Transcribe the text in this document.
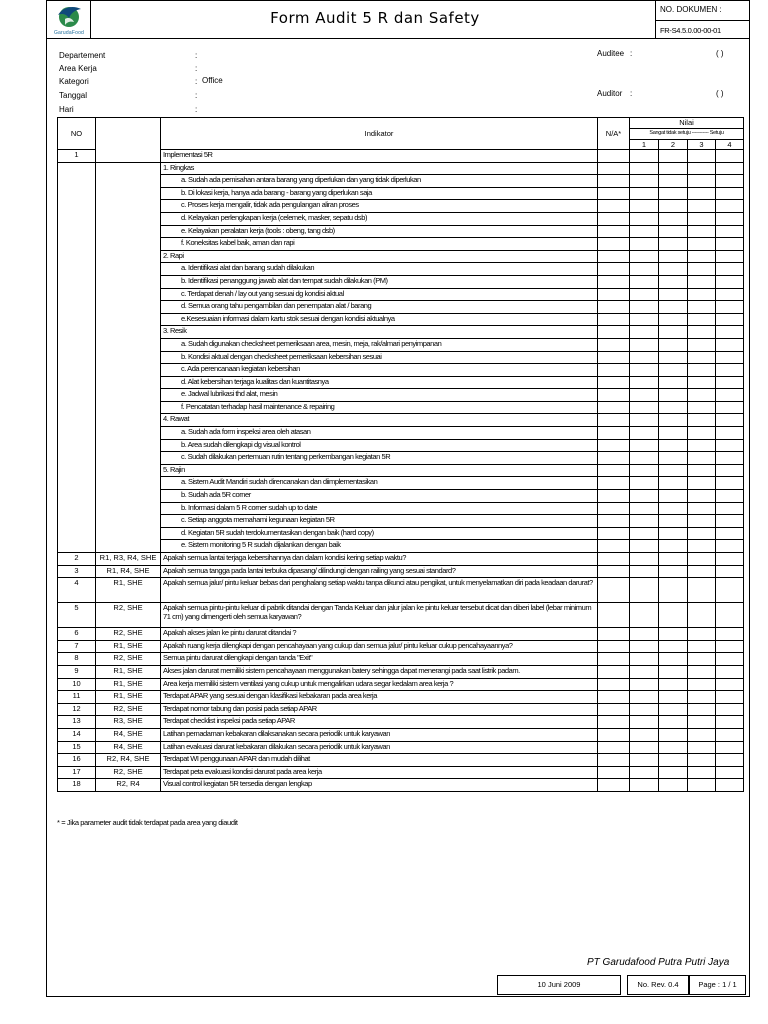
GarudaFood
Form Audit 5 R dan Safety	NO. DOKUMEN :
FR-S4.5.0.00-00-01
Departement	:
Area Kerja	:
Kategori	: Office
Tanggal	:
Hari	:
Auditee :	( )
Auditor :	( )
NO		Indikator	N/A*	Nilai			
				Sangat tidak setuju ----------- Setuju			
				1	2	3	4
1		Implementasi 5R					
		1. Ringkas					
		a. Sudah ada pemisahan antara barang yang diperlukan dan yang tidak diperlukan					
		b. Di lokasi kerja, hanya ada barang - barang yang diperlukan saja					
		c. Proses kerja mengalir, tidak ada pengulangan aliran proses					
		d. Kelayakan perlengkapan kerja (celemek, masker, sepatu dsb)					
		e. Kelayakan peralatan kerja (tools : obeng, tang dsb)					
		f. Koneksitas kabel baik, aman dan rapi					
		2. Rapi					
		a. Identifikasi alat dan barang sudah dilakukan					
		b. Identifikasi penanggung jawab alat dan tempat sudah dilakukan (PM)					
		c. Terdapat denah / lay out yang sesuai dg kondisi aktual					
		d. Semua orang tahu pengambilan dan penempatan alat / barang					
		e.Kesesuaian informasi dalam kartu stok sesuai dengan kondisi aktualnya					
		3. Resik					
		a. Sudah digunakan checksheet pemeriksaan area, mesin, meja, rak/almari penyimpanan					
		b. Kondisi aktual dengan checksheet pemeriksaan kebersihan sesuai					
		c. Ada perencanaan kegiatan kebersihan					
		d. Alat kebersihan terjaga kualitas dan kuantitasnya					
		e. Jadwal lubrikasi thd alat, mesin					
		f. Pencatatan terhadap hasil maintenance & repairing					
		4. Rawat					
		a. Sudah ada form inspeksi area oleh atasan					
		b. Area sudah dilengkapi dg visual kontrol					
		c. Sudah dilakukan pertemuan rutin tentang perkembangan kegiatan 5R					
		5. Rajin					
		a. Sistem Audit Mandiri sudah direncanakan dan diimplementasikan					
		b. Sudah ada 5R corner					
		b. Informasi dalam 5 R corner sudah up to date					
		c. Setiap anggota memahami kegunaan kegiatan 5R					
		d. Kegiatan 5R sudah terdokumentasikan dengan baik (hard copy)					
		e. Sistem monitoring 5 R sudah dijalankan dengan baik					
2	R1, R3, R4, SHE	Apakah semua lantai terjaga kebersihannya dan dalam kondisi kering setiap waktu?					
3	R1, R4, SHE	Apakah semua tangga pada lantai terbuka dipasang/ dilindungi dengan railing yang sesuai standard?					
4	R1, SHE	Apakah semua jalur/ pintu keluar bebas dari penghalang setiap waktu tanpa dikunci atau pengikat, untuk menyelamatkan diri pada keadaan darurat?					
5	R2, SHE	Apakah semua pintu-pintu keluar di pabrik ditandai dengan Tanda Keluar dan jalur jalan ke pintu keluar tersebut dicat dan diberi label (lebar minimum 71 cm) yang dimengerti oleh semua karyawan?					
6	R2, SHE	Apakah akses jalan ke pintu darurat ditandai ?					
7	R1, SHE	Apakah ruang kerja dilengkapi dengan pencahayaan yang cukup dan semua jalur/ pintu keluar cukup pencahayaannya?					
8	R2, SHE	Semua pintu darurat dilengkapi dengan tanda "Exit"					
9	R1, SHE	Akses jalan darurat memiliki sistem pencahayaan menggunakan batery sehingga dapat menerangi pada saat listrik padam.					
10	R1, SHE	Area kerja memiliki sistem ventilasi yang cukup untuk mengalirkan udara segar kedalam area kerja ?					
11	R1, SHE	Terdapat APAR yang sesuai dengan klasifikasi kebakaran pada area kerja					
12	R2, SHE	Terdapat nomor tabung dan posisi pada setiap APAR					
13	R3, SHE	Terdapat checklist inspeksi pada setiap APAR					
14	R4, SHE	Latihan pemadaman kebakaran dilaksanakan secara periodik untuk karyawan					
15	R4, SHE	Latihan evakuasi darurat kebakaran dilakukan secara periodik untuk karyawan					
16	R2, R4, SHE	Terdapat WI penggunaan APAR dan mudah dilihat					
17	R2, SHE	Terdapat peta evakuasi kondisi darurat pada area kerja					
18	R2, R4	Visual control kegiatan 5R tersedia dengan lengkap					
* = Jika parameter audit tidak terdapat pada area yang diaudit
PT Garudafood Putra Putri Jaya
10 Juni 2009	No. Rev. 0.4	Page : 1 / 1
